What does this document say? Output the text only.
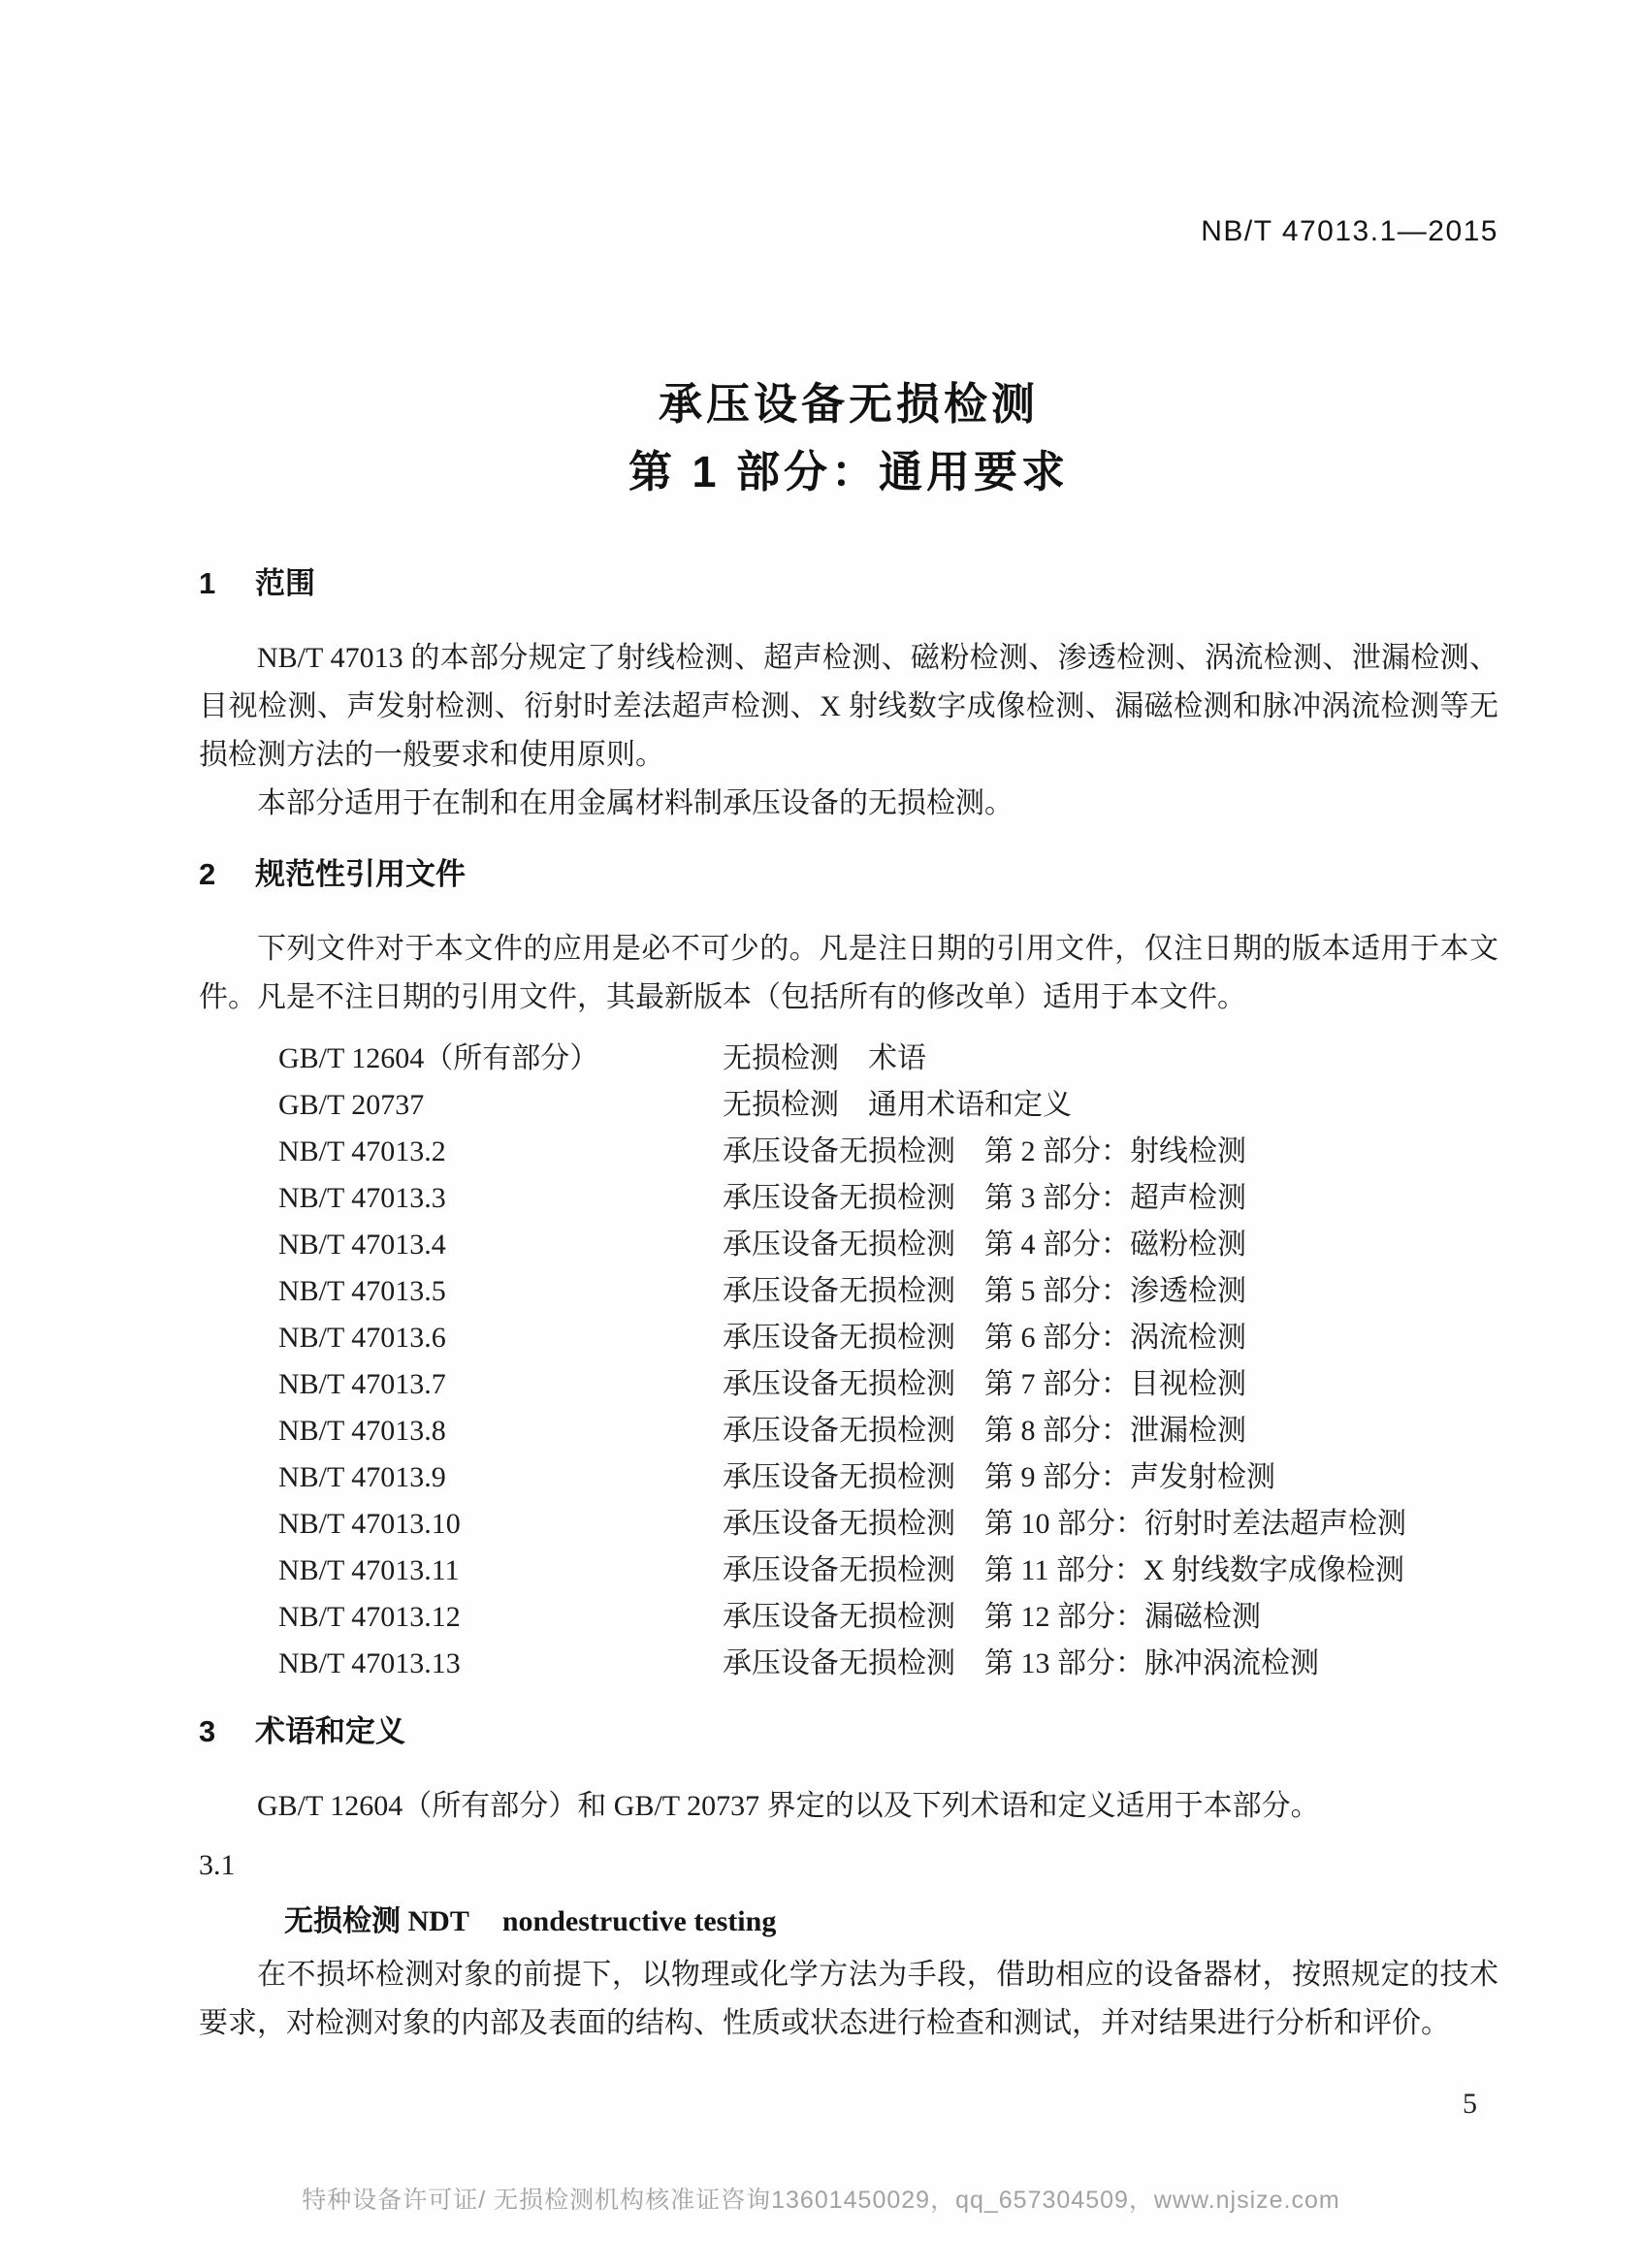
NB/T 47013.1—2015
承压设备无损检测
第 1 部分：通用要求
1	范围

NB/T 47013 的本部分规定了射线检测、超声检测、磁粉检测、渗透检测、涡流检测、泄漏检测、目视检测、声发射检测、衍射时差法超声检测、X 射线数字成像检测、漏磁检测和脉冲涡流检测等无损检测方法的一般要求和使用原则。

本部分适用于在制和在用金属材料制承压设备的无损检测。

2	规范性引用文件

下列文件对于本文件的应用是必不可少的。凡是注日期的引用文件，仅注日期的版本适用于本文件。凡是不注日期的引用文件，其最新版本（包括所有的修改单）适用于本文件。

GB/T 12604（所有部分）	无损检测　术语
GB/T 20737	无损检测　通用术语和定义
NB/T 47013.2	承压设备无损检测　第 2 部分：射线检测
NB/T 47013.3	承压设备无损检测　第 3 部分：超声检测
NB/T 47013.4	承压设备无损检测　第 4 部分：磁粉检测
NB/T 47013.5	承压设备无损检测　第 5 部分：渗透检测
NB/T 47013.6	承压设备无损检测　第 6 部分：涡流检测
NB/T 47013.7	承压设备无损检测　第 7 部分：目视检测
NB/T 47013.8	承压设备无损检测　第 8 部分：泄漏检测
NB/T 47013.9	承压设备无损检测　第 9 部分：声发射检测
NB/T 47013.10	承压设备无损检测　第 10 部分：衍射时差法超声检测
NB/T 47013.11	承压设备无损检测　第 11 部分：X 射线数字成像检测
NB/T 47013.12	承压设备无损检测　第 12 部分：漏磁检测
NB/T 47013.13	承压设备无损检测　第 13 部分：脉冲涡流检测
3	术语和定义

GB/T 12604（所有部分）和 GB/T 20737 界定的以及下列术语和定义适用于本部分。

3.1
无损检测 NDT nondestructive testing

在不损坏检测对象的前提下，以物理或化学方法为手段，借助相应的设备器材，按照规定的技术要求，对检测对象的内部及表面的结构、性质或状态进行检查和测试，并对结果进行分析和评价。

5
特种设备许可证/ 无损检测机构核准证咨询13601450029，qq_657304509，www.njsize.com
